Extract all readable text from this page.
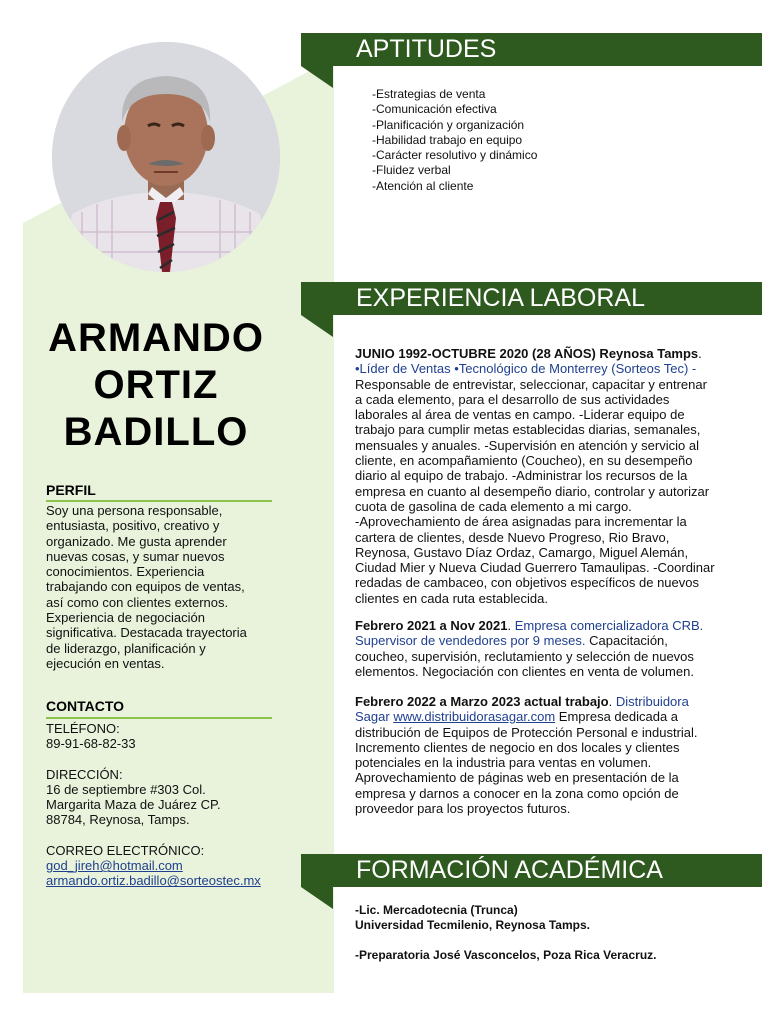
ARMANDO
ORTIZ
BADILLO
PERFIL
Soy una persona responsable,
entusiasta, positivo, creativo y
organizado. Me gusta aprender
nuevas cosas, y sumar nuevos
conocimientos. Experiencia
trabajando con equipos de ventas,
así como con clientes externos.
Experiencia de negociación
significativa. Destacada trayectoria
de liderazgo, planificación y
ejecución en ventas.
CONTACTO
TELÉFONO:
89-91-68-82-33
DIRECCIÓN:
16 de septiembre #303 Col.
Margarita Maza de Juárez CP.
88784, Reynosa, Tamps.
CORREO ELECTRÓNICO:
god_jireh@hotmail.com
armando.ortiz.badillo@sorteostec.mx
APTITUDES
-Estrategias de venta
-Comunicación efectiva
-Planificación y organización
-Habilidad trabajo en equipo
-Carácter resolutivo y dinámico
-Fluidez verbal
-Atención al cliente
EXPERIENCIA LABORAL
JUNIO 1992-OCTUBRE 2020 (28 AÑOS) Reynosa Tamps.
•Líder de Ventas •Tecnológico de Monterrey (Sorteos Tec) -
Responsable de entrevistar, seleccionar, capacitar y entrenar
a cada elemento, para el desarrollo de sus actividades
laborales al área de ventas en campo. -Liderar equipo de
trabajo para cumplir metas establecidas diarias, semanales,
mensuales y anuales. -Supervisión en atención y servicio al
cliente, en acompañamiento (Coucheo), en su desempeño
diario al equipo de trabajo. -Administrar los recursos de la
empresa en cuanto al desempeño diario, controlar y autorizar
cuota de gasolina de cada elemento a mi cargo.
-Aprovechamiento de área asignadas para incrementar la
cartera de clientes, desde Nuevo Progreso, Rio Bravo,
Reynosa, Gustavo Díaz Ordaz, Camargo, Miguel Alemán,
Ciudad Mier y Nueva Ciudad Guerrero Tamaulipas. -Coordinar
redadas de cambaceo, con objetivos específicos de nuevos
clientes en cada ruta establecida.
Febrero 2021 a Nov 2021. Empresa comercializadora CRB.
Supervisor de vendedores por 9 meses. Capacitación,
coucheo, supervisión, reclutamiento y selección de nuevos
elementos. Negociación con clientes en venta de volumen.
Febrero 2022 a Marzo 2023 actual trabajo. Distribuidora
Sagar www.distribuidorasagar.com Empresa dedicada a
distribución de Equipos de Protección Personal e industrial.
Incremento clientes de negocio en dos locales y clientes
potenciales en la industria para ventas en volumen.
Aprovechamiento de páginas web en presentación de la
empresa y darnos a conocer en la zona como opción de
proveedor para los proyectos futuros.
FORMACIÓN ACADÉMICA
-Lic. Mercadotecnia (Trunca)
Universidad Tecmilenio, Reynosa Tamps.
-Preparatoria José Vasconcelos, Poza Rica Veracruz.
